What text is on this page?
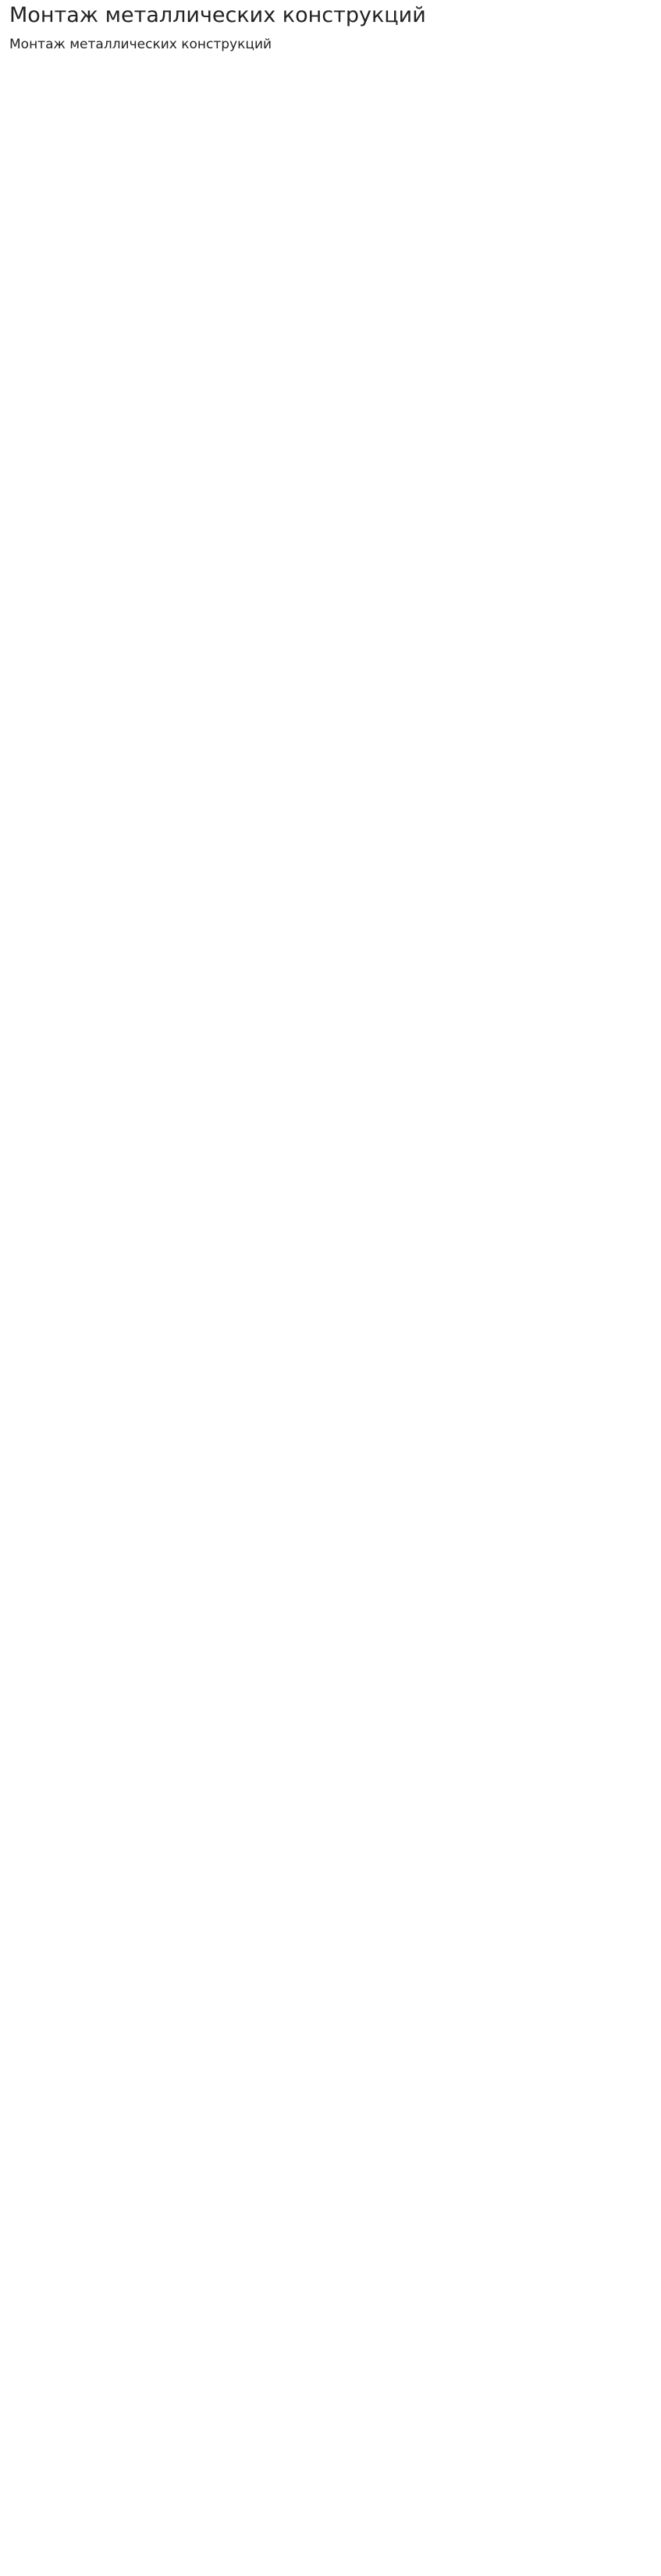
Монтаж металлических конструкций
Монтаж металлических конструкций
